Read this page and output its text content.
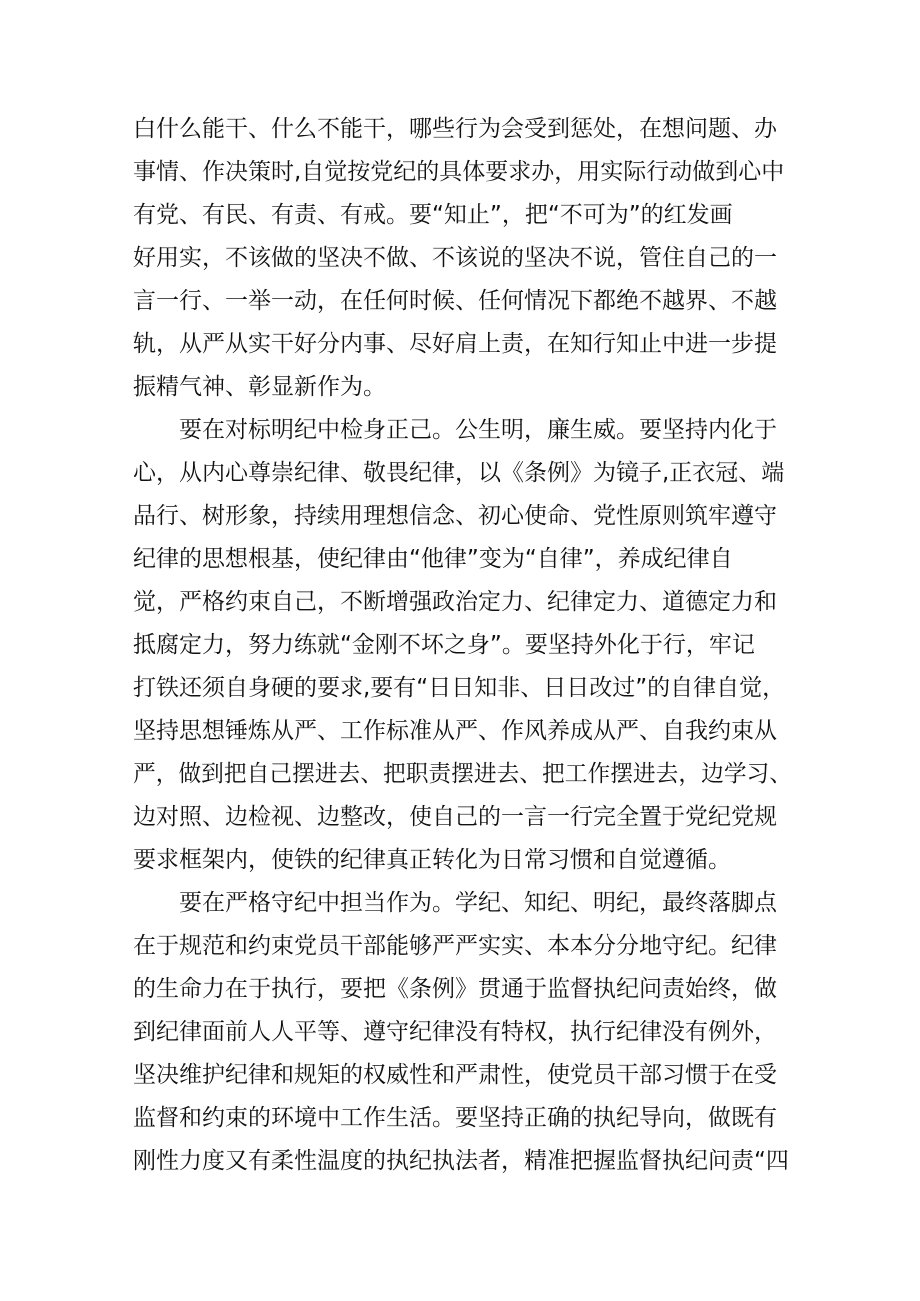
白什么能干、什么不能干，哪些行为会受到惩处，在想问题、办
事情、作决策时,自觉按党纪的具体要求办，用实际行动做到心中
有党、有民、有责、有戒。要“知止”，把“不可为”的红发画
好用实，不该做的坚决不做、不该说的坚决不说，管住自己的一
言一行、一举一动，在任何时候、任何情况下都绝不越界、不越
轨，从严从实干好分内事、尽好肩上责，在知行知止中进一步提
振精气神、彰显新作为。
要在对标明纪中检身正己。公生明，廉生威。要坚持内化于
心，从内心尊崇纪律、敬畏纪律，以《条例》为镜子,正衣冠、端
品行、树形象，持续用理想信念、初心使命、党性原则筑牢遵守
纪律的思想根基，使纪律由“他律”变为“自律”，养成纪律自
觉，严格约束自己，不断增强政治定力、纪律定力、道德定力和
抵腐定力，努力练就“金刚不坏之身”。要坚持外化于行，牢记
打铁还须自身硬的要求,要有“日日知非、日日改过”的自律自觉，
坚持思想锤炼从严、工作标准从严、作风养成从严、自我约束从
严，做到把自己摆进去、把职责摆进去、把工作摆进去，边学习、
边对照、边检视、边整改，使自己的一言一行完全置于党纪党规
要求框架内，使铁的纪律真正转化为日常习惯和自觉遵循。
要在严格守纪中担当作为。学纪、知纪、明纪，最终落脚点
在于规范和约束党员干部能够严严实实、本本分分地守纪。纪律
的生命力在于执行，要把《条例》贯通于监督执纪问责始终，做
到纪律面前人人平等、遵守纪律没有特权，执行纪律没有例外，
坚决维护纪律和规矩的权威性和严肃性，使党员干部习惯于在受
监督和约束的环境中工作生活。要坚持正确的执纪导向，做既有
刚性力度又有柔性温度的执纪执法者，精准把握监督执纪问责“四
